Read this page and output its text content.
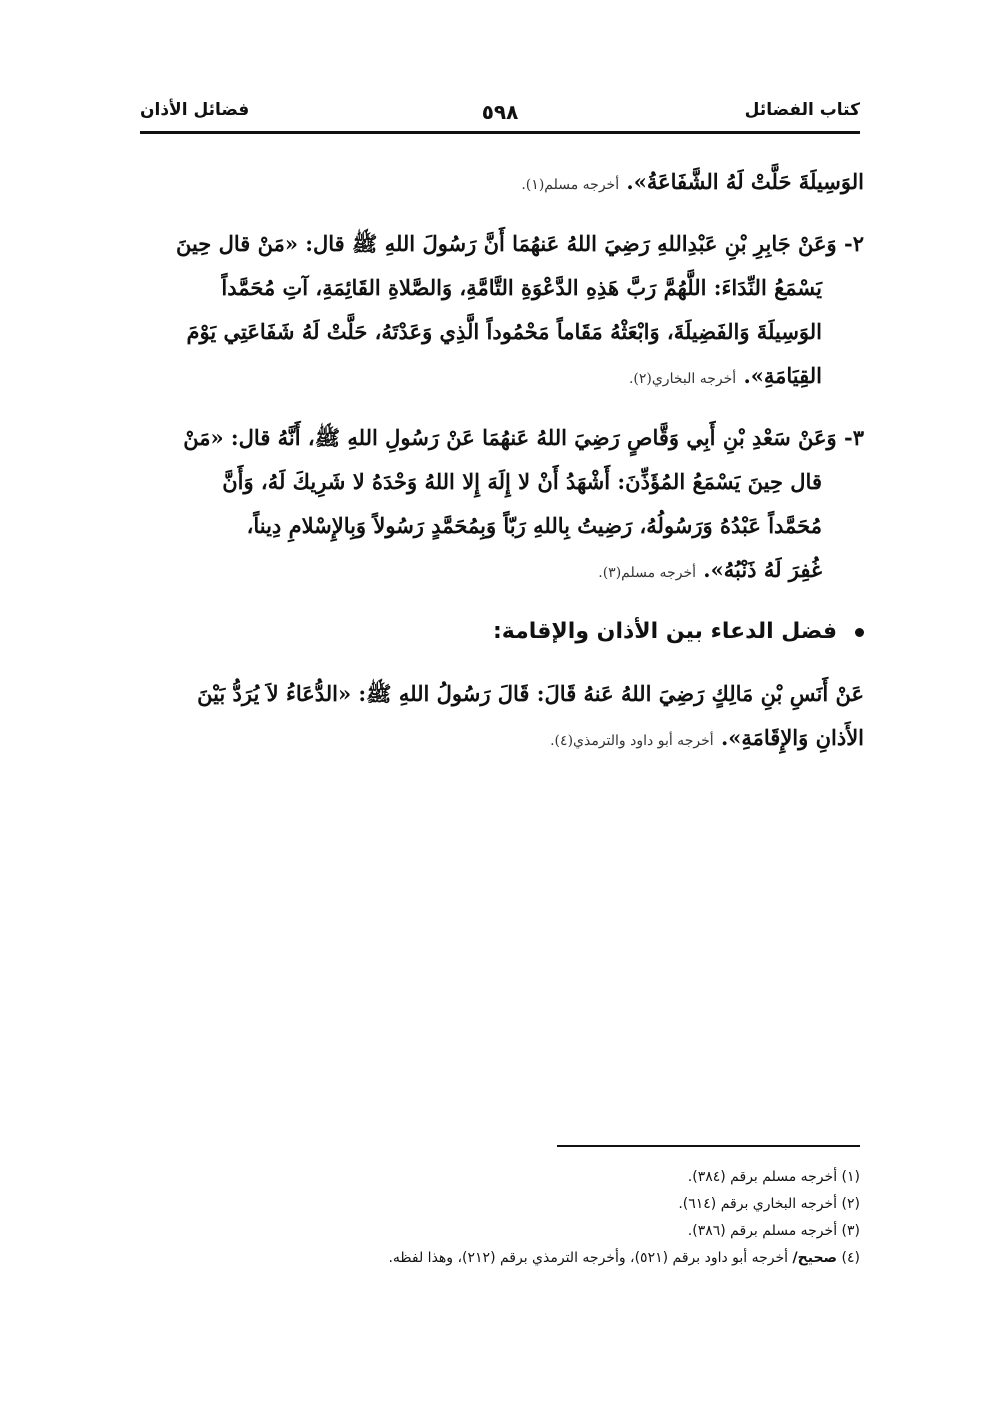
كتاب الفضائل
٥٩٨
فضائل الأذان
الوَسِيلَةَ حَلَّتْ لَهُ الشَّفَاعَةُ». أخرجه مسلم(١).
٢- وَعَنْ جَابِرِ بْنِ عَبْدِاللهِ رَضِيَ اللهُ عَنهُمَا أَنَّ رَسُولَ اللهِ ﷺ قال: «مَنْ قال حِينَ
يَسْمَعُ النِّدَاءَ: اللَّهُمَّ رَبَّ هَذِهِ الدَّعْوَةِ التَّامَّةِ، وَالصَّلاةِ القَائِمَةِ، آتِ مُحَمَّداً
الوَسِيلَةَ وَالفَضِيلَةَ، وَابْعَثْهُ مَقَاماً مَحْمُوداً الَّذِي وَعَدْتَهُ، حَلَّتْ لَهُ شَفَاعَتِي يَوْمَ
القِيَامَةِ». أخرجه البخاري(٢).
٣- وَعَنْ سَعْدِ بْنِ أَبِي وَقَّاصٍ رَضِيَ اللهُ عَنهُمَا عَنْ رَسُولِ اللهِ ﷺ، أَنَّهُ قال: «مَنْ
قال حِينَ يَسْمَعُ المُؤَذِّنَ: أَشْهَدُ أَنْ لا إِلَهَ إِلا اللهُ وَحْدَهُ لا شَرِيكَ لَهُ، وَأَنَّ
مُحَمَّداً عَبْدُهُ وَرَسُولُهُ، رَضِيتُ بِاللهِ رَبّاً وَبِمُحَمَّدٍ رَسُولاً وَبِالإِسْلامِ دِيناً،
غُفِرَ لَهُ ذَنْبُهُ». أخرجه مسلم(٣).
فضل الدعاء بين الأذان والإقامة:
عَنْ أَنَسِ بْنِ مَالِكٍ رَضِيَ اللهُ عَنهُ قَالَ: قَالَ رَسُولُ اللهِ ﷺ: «الدُّعَاءُ لاَ يُرَدُّ بَيْنَ
الأَذانِ وَالإِقَامَةِ». أخرجه أبو داود والترمذي(٤).
(١) أخرجه مسلم برقم (٣٨٤).
(٢) أخرجه البخاري برقم (٦١٤).
(٣) أخرجه مسلم برقم (٣٨٦).
(٤) صحيح/ أخرجه أبو داود برقم (٥٢١)، وأخرجه الترمذي برقم (٢١٢)، وهذا لفظه.
